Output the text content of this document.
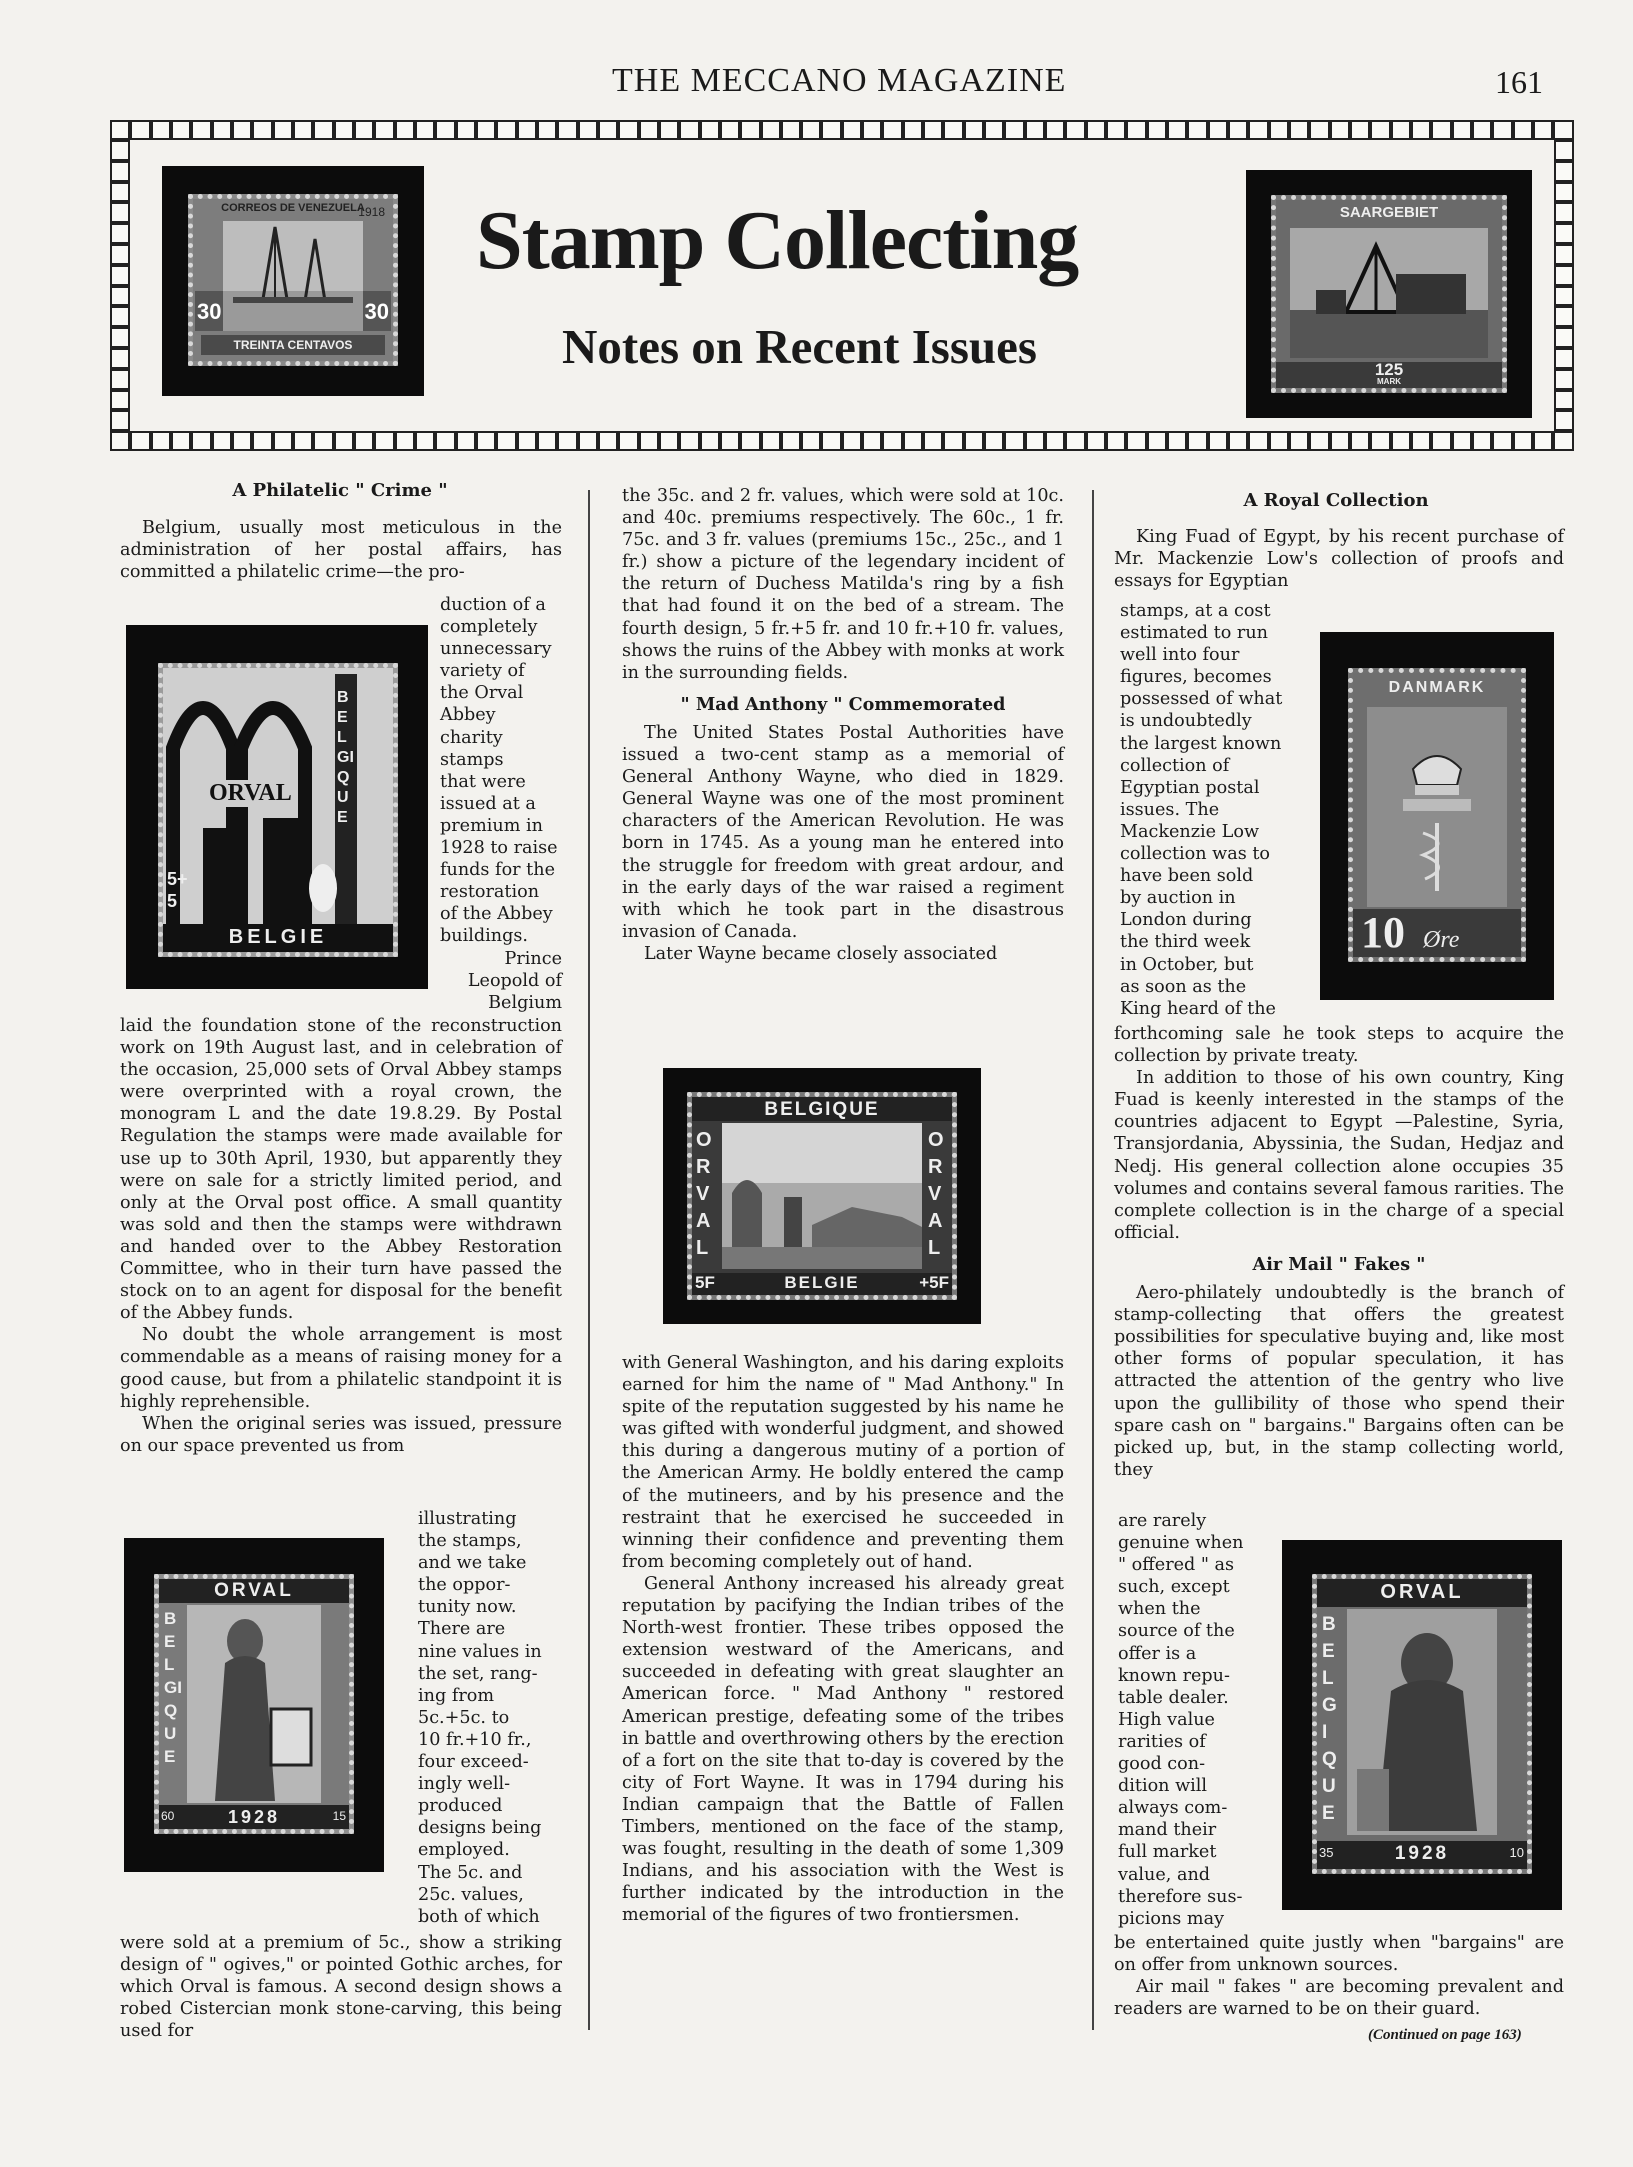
THE MECCANO MAGAZINE	161
CORREOS DE VENEZUELA
TREINTA CENTAVOS
30	30
1918 Stamp Collecting
Notes on Recent Issues
SAARGEBIET
125
MARK
A Philatelic " Crime "

Belgium, usually most meticulous in the administration of her postal affairs, has committed a philatelic crime—the pro-

duction of a
completely
unnecessary
variety of
the Orval
Abbey
charity
stamps
that were
issued at a
premium in
1928 to raise
funds for the
restoration
of the Abbey
buildings.
ORVAL
BELGIQUE
5+5
BELGIE
Prince
Leopold of
Belgium

laid the foundation stone of the reconstruction work on 19th August last, and in celebration of the occasion, 25,000 sets of Orval Abbey stamps were overprinted with a royal crown, the monogram L and the date 19.8.29. By Postal Regulation the stamps were made available for use up to 30th April, 1930, but apparently they were on sale for a strictly limited period, and only at the Orval post office. A small quantity was sold and then the stamps were withdrawn and handed over to the Abbey Restoration Committee, who in their turn have passed the stock on to an agent for disposal for the benefit of the Abbey funds.

No doubt the whole arrangement is most commendable as a means of raising money for a good cause, but from a philatelic standpoint it is highly reprehensible.

When the original series was issued, pressure on our space prevented us from

illustrating
the stamps,
and we take
the oppor-
tunity now.
There are
nine values in
the set, rang-
ing from
5c.+5c. to
10 fr.+10 fr.,
four exceed-
ingly well-
produced
designs being
employed.
The 5c. and
25c. values,
both of which
ORVAL
BELGIQUE
1928
60	15

were sold at a premium of 5c., show a striking design of " ogives," or pointed Gothic arches, for which Orval is famous. A second design shows a robed Cistercian monk stone-carving, this being used for

the 35c. and 2 fr. values, which were sold at 10c. and 40c. premiums respectively. The 60c., 1 fr. 75c. and 3 fr. values (premiums 15c., 25c., and 1 fr.) show a picture of the legendary incident of the return of Duchess Matilda's ring by a fish that had found it on the bed of a stream. The fourth design, 5 fr.+5 fr. and 10 fr.+10 fr. values, shows the ruins of the Abbey with monks at work in the surrounding fields.

" Mad Anthony " Commemorated

The United States Postal Authorities have issued a two-cent stamp as a memorial of General Anthony Wayne, who died in 1829. General Wayne was one of the most prominent characters of the American Revolution. He was born in 1745. As a young man he entered into the struggle for freedom with great ardour, and in the early days of the war raised a regiment with which he took part in the disastrous invasion of Canada.

Later Wayne became closely associated

BELGIQUE
ORVAL
ORVAL
BELGIE
5F	+5F

with General Washington, and his daring exploits earned for him the name of " Mad Anthony." In spite of the reputation suggested by his name he was gifted with wonderful judgment, and showed this during a dangerous mutiny of a portion of the American Army. He boldly entered the camp of the mutineers, and by his presence and the restraint that he exercised he succeeded in winning their confidence and preventing them from becoming completely out of hand.

General Anthony increased his already great reputation by pacifying the Indian tribes of the North-west frontier. These tribes opposed the extension westward of the Americans, and succeeded in defeating with great slaughter an American force. " Mad Anthony " restored American prestige, defeating some of the tribes in battle and overthrowing others by the erection of a fort on the site that to-day is covered by the city of Fort Wayne. It was in 1794 during his Indian campaign that the Battle of Fallen Timbers, mentioned on the face of the stamp, was fought, resulting in the death of some 1,309 Indians, and his association with the West is further indicated by the introduction in the memorial of the figures of two frontiersmen.

A Royal Collection

King Fuad of Egypt, by his recent purchase of Mr. Mackenzie Low's collection of proofs and essays for Egyptian

stamps, at a cost
estimated to run
well into four
figures, becomes
possessed of what
is undoubtedly
the largest known
collection of
Egyptian postal
issues. The
Mackenzie Low
collection was to
have been sold
by auction in
London during
the third week
in October, but
as soon as the
King heard of the
DANMARK
10 Øre

forthcoming sale he took steps to acquire the collection by private treaty.

In addition to those of his own country, King Fuad is keenly interested in the stamps of the countries adjacent to Egypt —Palestine, Syria, Transjordania, Abyssinia, the Sudan, Hedjaz and Nedj. His general collection alone occupies 35 volumes and contains several famous rarities. The complete collection is in the charge of a special official.

Air Mail " Fakes "

Aero-philately undoubtedly is the branch of stamp-collecting that offers the greatest possibilities for speculative buying and, like most other forms of popular speculation, it has attracted the attention of the gentry who live upon the gullibility of those who spend their spare cash on " bargains." Bargains often can be picked up, but, in the stamp collecting world, they

are rarely
genuine when
" offered " as
such, except
when the
source of the
offer is a
known repu-
table dealer.
High value
rarities of
good con-
dition will
always com-
mand their
full market
value, and
therefore sus-
picions may
ORVAL
BELGIQUE
1928
35	10

be entertained quite justly when "bargains" are on offer from unknown sources.

Air mail " fakes " are becoming prevalent and readers are warned to be on their guard.

(Continued on page 163)
